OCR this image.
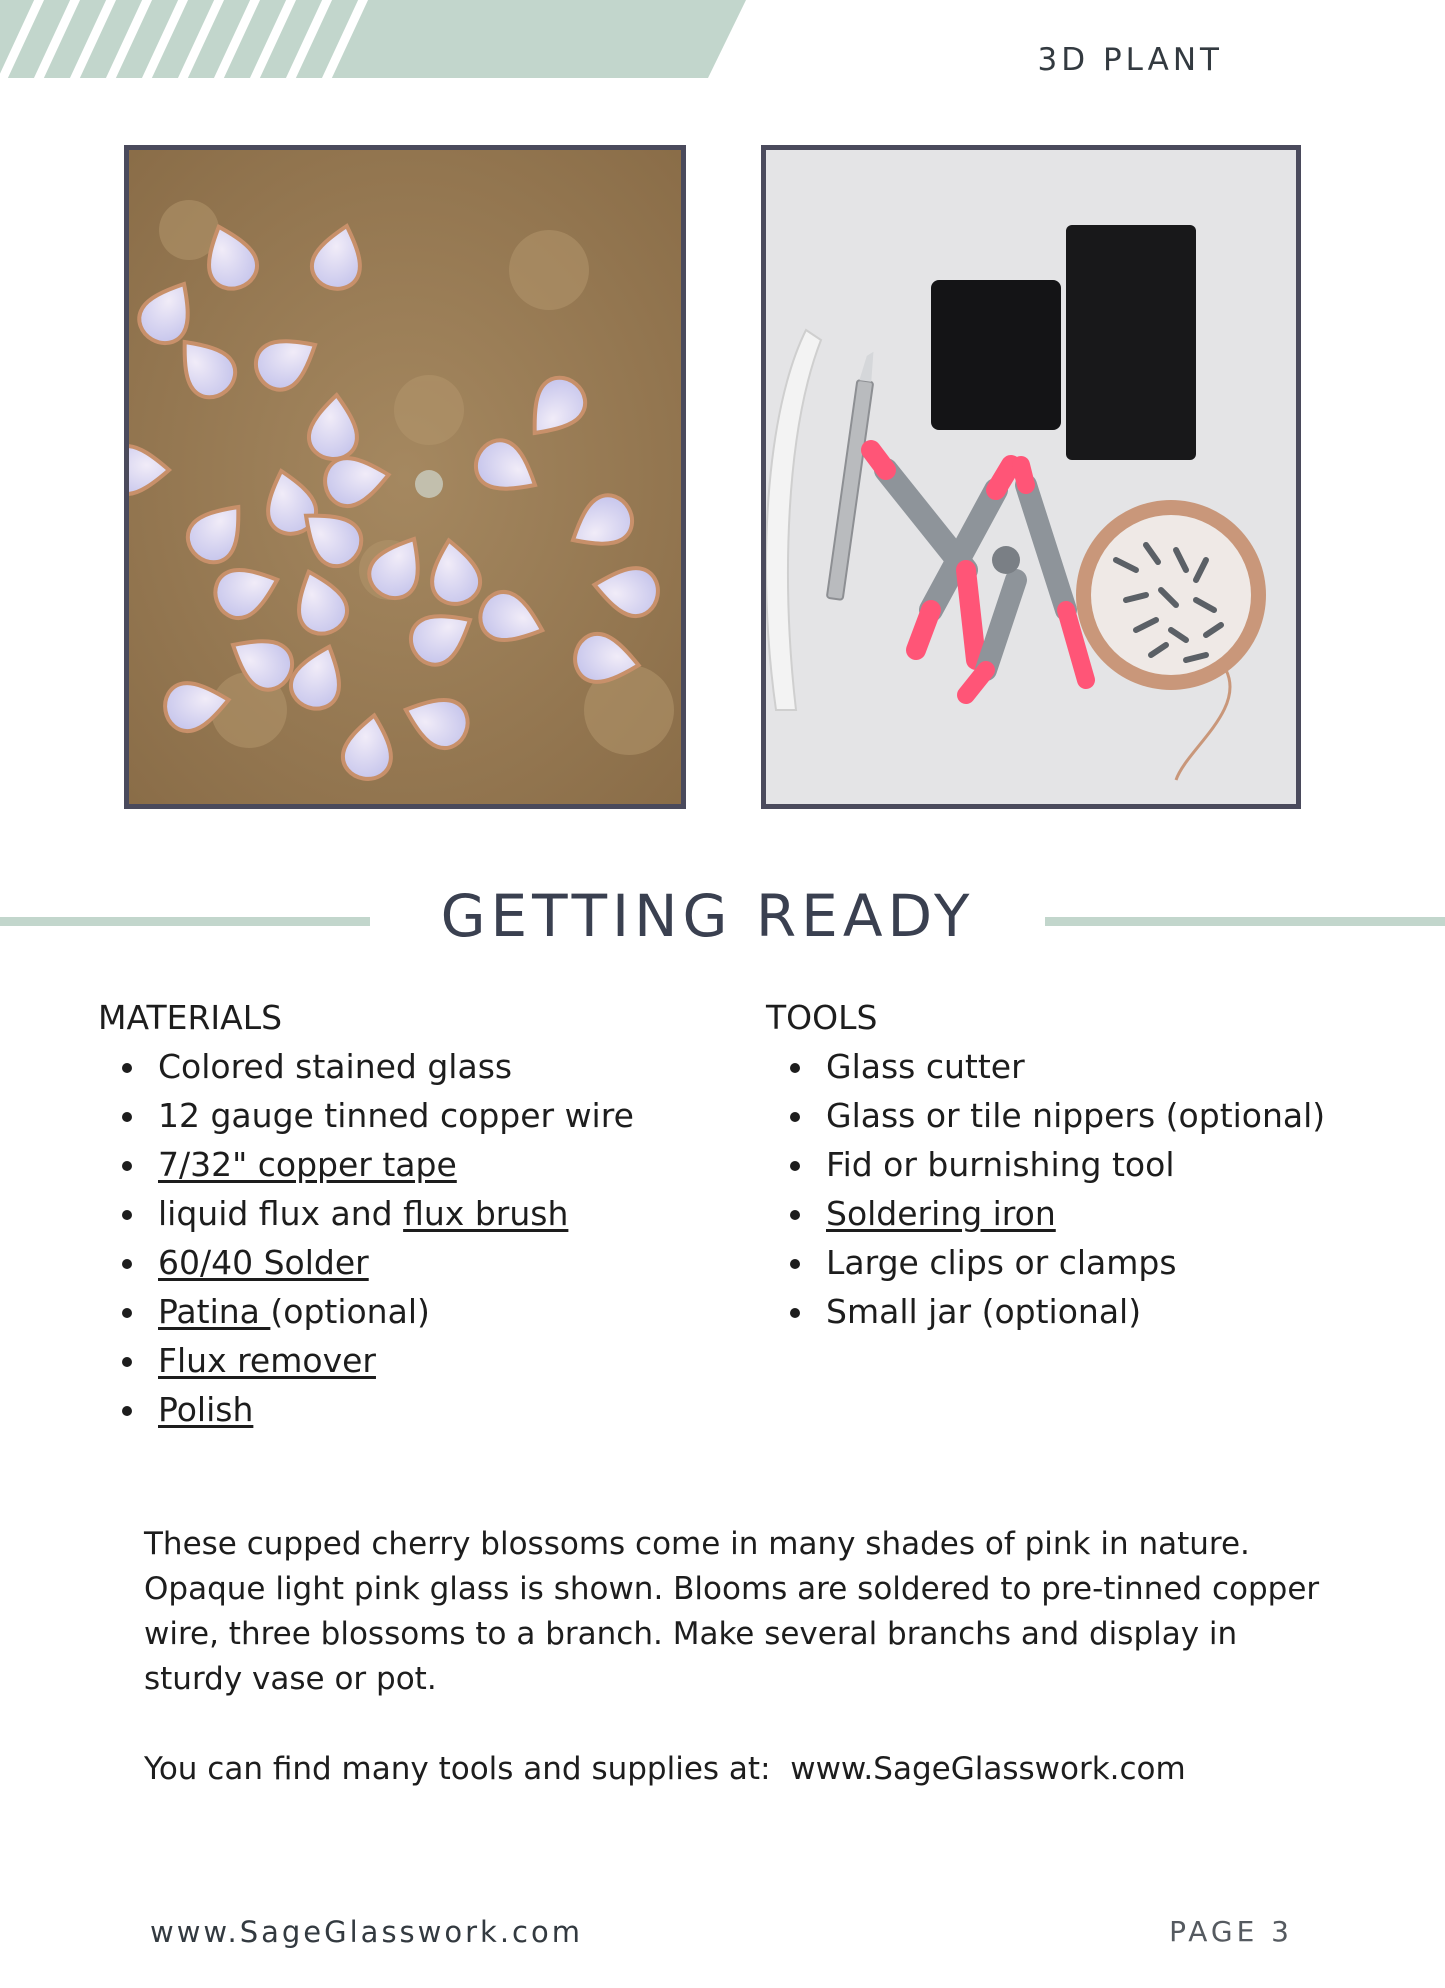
3D PLANT
GETTING READY
MATERIALS
Colored stained glass
12 gauge tinned copper wire
7/32" copper tape
liquid flux and flux brush
60/40 Solder
Patina (optional)
Flux remover
Polish
TOOLS
Glass cutter
Glass or tile nippers (optional)
Fid or burnishing tool
Soldering iron
Large clips or clamps
Small jar (optional)

These cupped cherry blossoms come in many shades of pink in nature. Opaque light pink glass is shown. Blooms are soldered to pre-tinned copper wire, three blossoms to a branch. Make several branchs and display in sturdy vase or pot.

You can find many tools and supplies at:  www.SageGlasswork.com

www.SageGlasswork.com	PAGE 3
